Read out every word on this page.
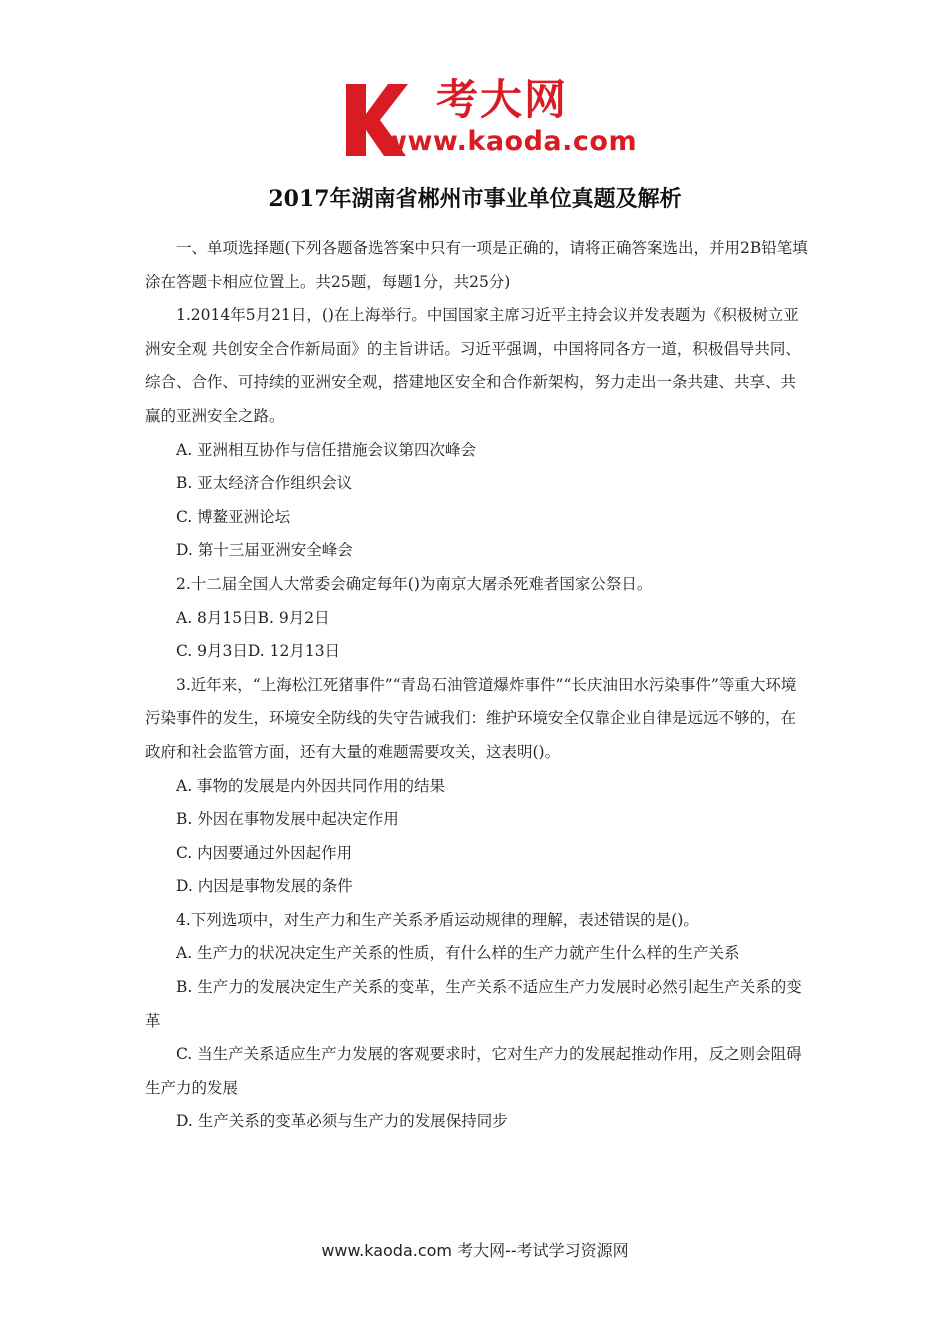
考大网
www.kaoda.com
2017年湖南省郴州市事业单位真题及解析

一、单项选择题(下列各题备选答案中只有一项是正确的，请将正确答案选出，并用2B铅笔填涂在答题卡相应位置上。共25题，每题1分，共25分)

1.2014年5月21日，()在上海举行。中国国家主席习近平主持会议并发表题为《积极树立亚洲安全观 共创安全合作新局面》的主旨讲话。习近平强调，中国将同各方一道，积极倡导共同、综合、合作、可持续的亚洲安全观，搭建地区安全和合作新架构，努力走出一条共建、共享、共赢的亚洲安全之路。

A. 亚洲相互协作与信任措施会议第四次峰会

B. 亚太经济合作组织会议

C. 博鳌亚洲论坛

D. 第十三届亚洲安全峰会

2.十二届全国人大常委会确定每年()为南京大屠杀死难者国家公祭日。

A. 8月15日B. 9月2日

C. 9月3日D. 12月13日

3.近年来，“上海松江死猪事件”“青岛石油管道爆炸事件”“长庆油田水污染事件”等重大环境污染事件的发生，环境安全防线的失守告诫我们：维护环境安全仅靠企业自律是远远不够的，在政府和社会监管方面，还有大量的难题需要攻关，这表明()。

A. 事物的发展是内外因共同作用的结果

B. 外因在事物发展中起决定作用

C. 内因要通过外因起作用

D. 内因是事物发展的条件

4.下列选项中，对生产力和生产关系矛盾运动规律的理解，表述错误的是()。

A. 生产力的状况决定生产关系的性质，有什么样的生产力就产生什么样的生产关系

B. 生产力的发展决定生产关系的变革，生产关系不适应生产力发展时必然引起生产关系的变革

C. 当生产关系适应生产力发展的客观要求时，它对生产力的发展起推动作用，反之则会阻碍生产力的发展

D. 生产关系的变革必须与生产力的发展保持同步

www.kaoda.com 考大网--考试学习资源网
